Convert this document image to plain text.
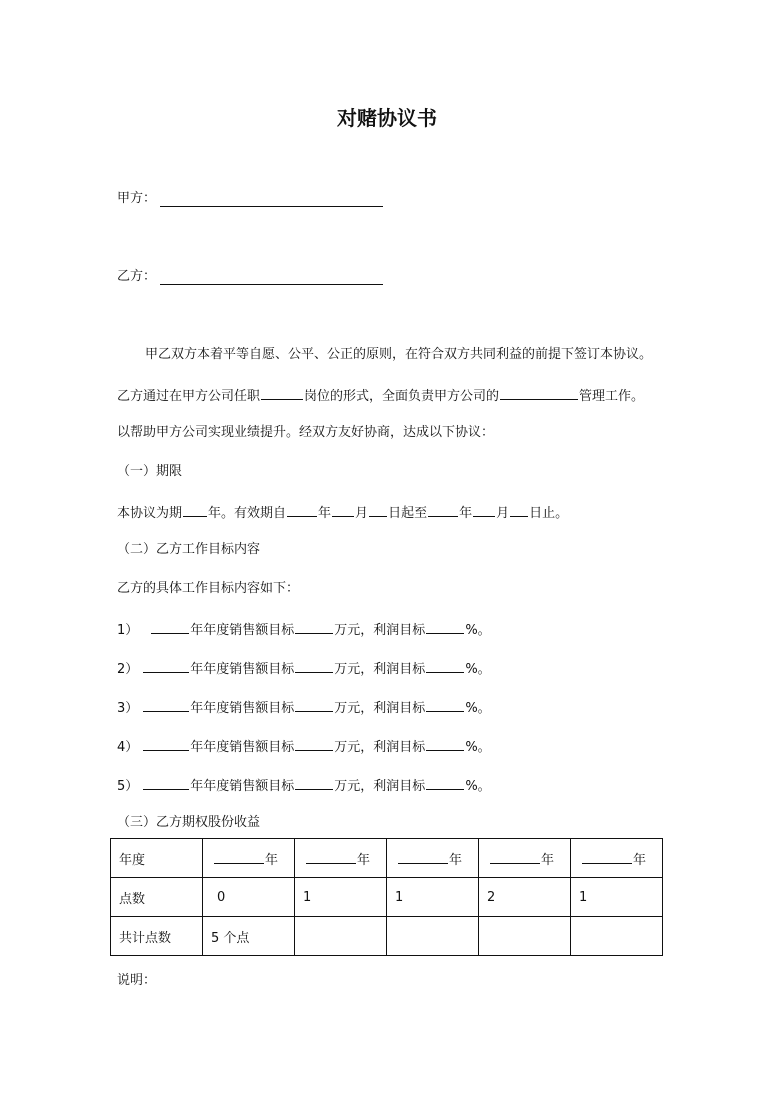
对赌协议书
甲方：
乙方：
甲乙双方本着平等自愿、公平、公正的原则，在符合双方共同利益的前提下签订本协议。
乙方通过在甲方公司任职	岗位的形式，全面负责甲方公司的	管理工作。
以帮助甲方公司实现业绩提升。经双方友好协商，达成以下协议：
（一）期限
本协议为期 年。有效期自 年 月 日起至 年 月 日止。
（二）乙方工作目标内容
乙方的具体工作目标内容如下：
1）	年年度销售额目标	万元，利润目标	%。
2）	年年度销售额目标	万元，利润目标	%。
3）	年年度销售额目标	万元，利润目标	%。
4）	年年度销售额目标	万元，利润目标	%。
5）	年年度销售额目标	万元，利润目标	%。
（三）乙方期权股份收益
年度	年	年	年	年	年
点数	0	1	1	2	1
共计点数	5 个点				
说明：
